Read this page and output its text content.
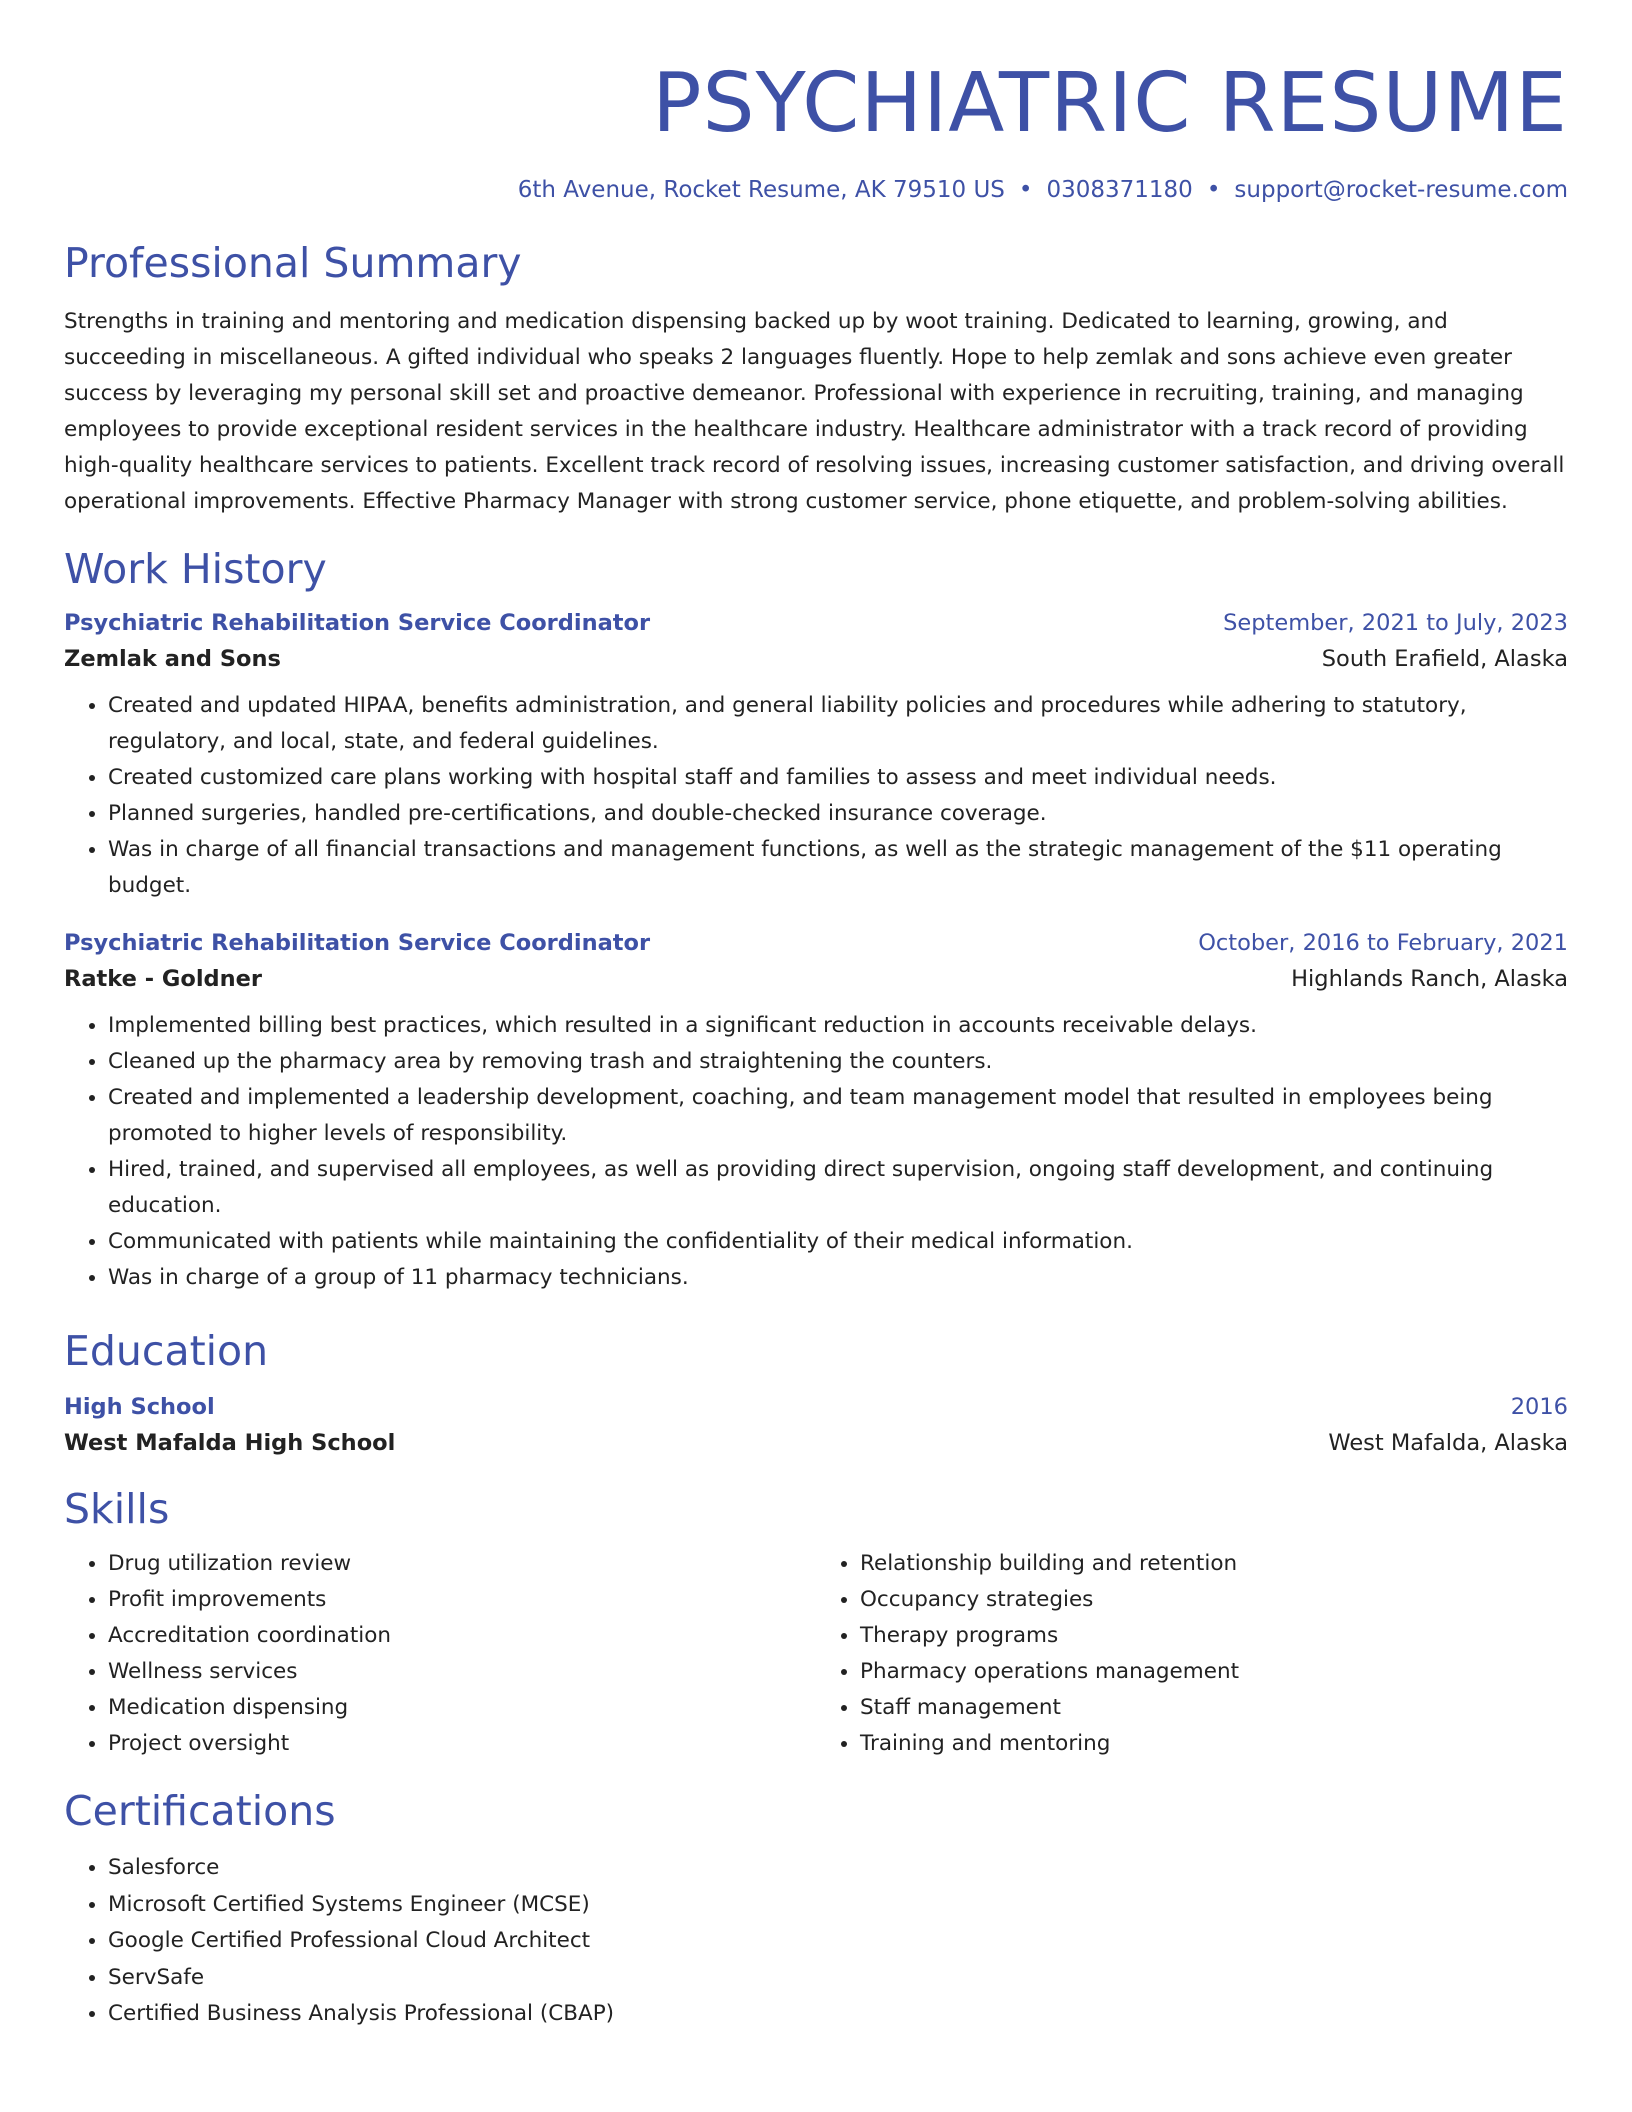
PSYCHIATRIC RESUME
6th Avenue, Rocket Resume, AK 79510 US • 0308371180 • support@rocket-resume.com
Professional Summary

Strengths in training and mentoring and medication dispensing backed up by woot training. Dedicated to learning, growing, and succeeding in miscellaneous. A gifted individual who speaks 2 languages fluently. Hope to help zemlak and sons achieve even greater success by leveraging my personal skill set and proactive demeanor. Professional with experience in recruiting, training, and managing employees to provide exceptional resident services in the healthcare industry. Healthcare administrator with a track record of providing high-quality healthcare services to patients. Excellent track record of resolving issues, increasing customer satisfaction, and driving overall operational improvements. Effective Pharmacy Manager with strong customer service, phone etiquette, and problem-solving abilities.

Work History
Psychiatric Rehabilitation Service Coordinator	September, 2021 to July, 2023
Zemlak and Sons	South Erafield, Alaska
• Created and updated HIPAA, benefits administration, and general liability policies and procedures while adhering to statutory, regulatory, and local, state, and federal guidelines.
• Created customized care plans working with hospital staff and families to assess and meet individual needs.
• Planned surgeries, handled pre-certifications, and double-checked insurance coverage.
• Was in charge of all financial transactions and management functions, as well as the strategic management of the $11 operating budget.
Psychiatric Rehabilitation Service Coordinator	October, 2016 to February, 2021
Ratke - Goldner	Highlands Ranch, Alaska
• Implemented billing best practices, which resulted in a significant reduction in accounts receivable delays.
• Cleaned up the pharmacy area by removing trash and straightening the counters.
• Created and implemented a leadership development, coaching, and team management model that resulted in employees being promoted to higher levels of responsibility.
• Hired, trained, and supervised all employees, as well as providing direct supervision, ongoing staff development, and continuing education.
• Communicated with patients while maintaining the confidentiality of their medical information.
• Was in charge of a group of 11 pharmacy technicians.
Education
High School	2016
West Mafalda High School	West Mafalda, Alaska
Skills
• Drug utilization review
• Profit improvements
• Accreditation coordination
• Wellness services
• Medication dispensing
• Project oversight
• Relationship building and retention
• Occupancy strategies
• Therapy programs
• Pharmacy operations management
• Staff management
• Training and mentoring
Certifications
• Salesforce
• Microsoft Certified Systems Engineer (MCSE)
• Google Certified Professional Cloud Architect
• ServSafe
• Certified Business Analysis Professional (CBAP)
